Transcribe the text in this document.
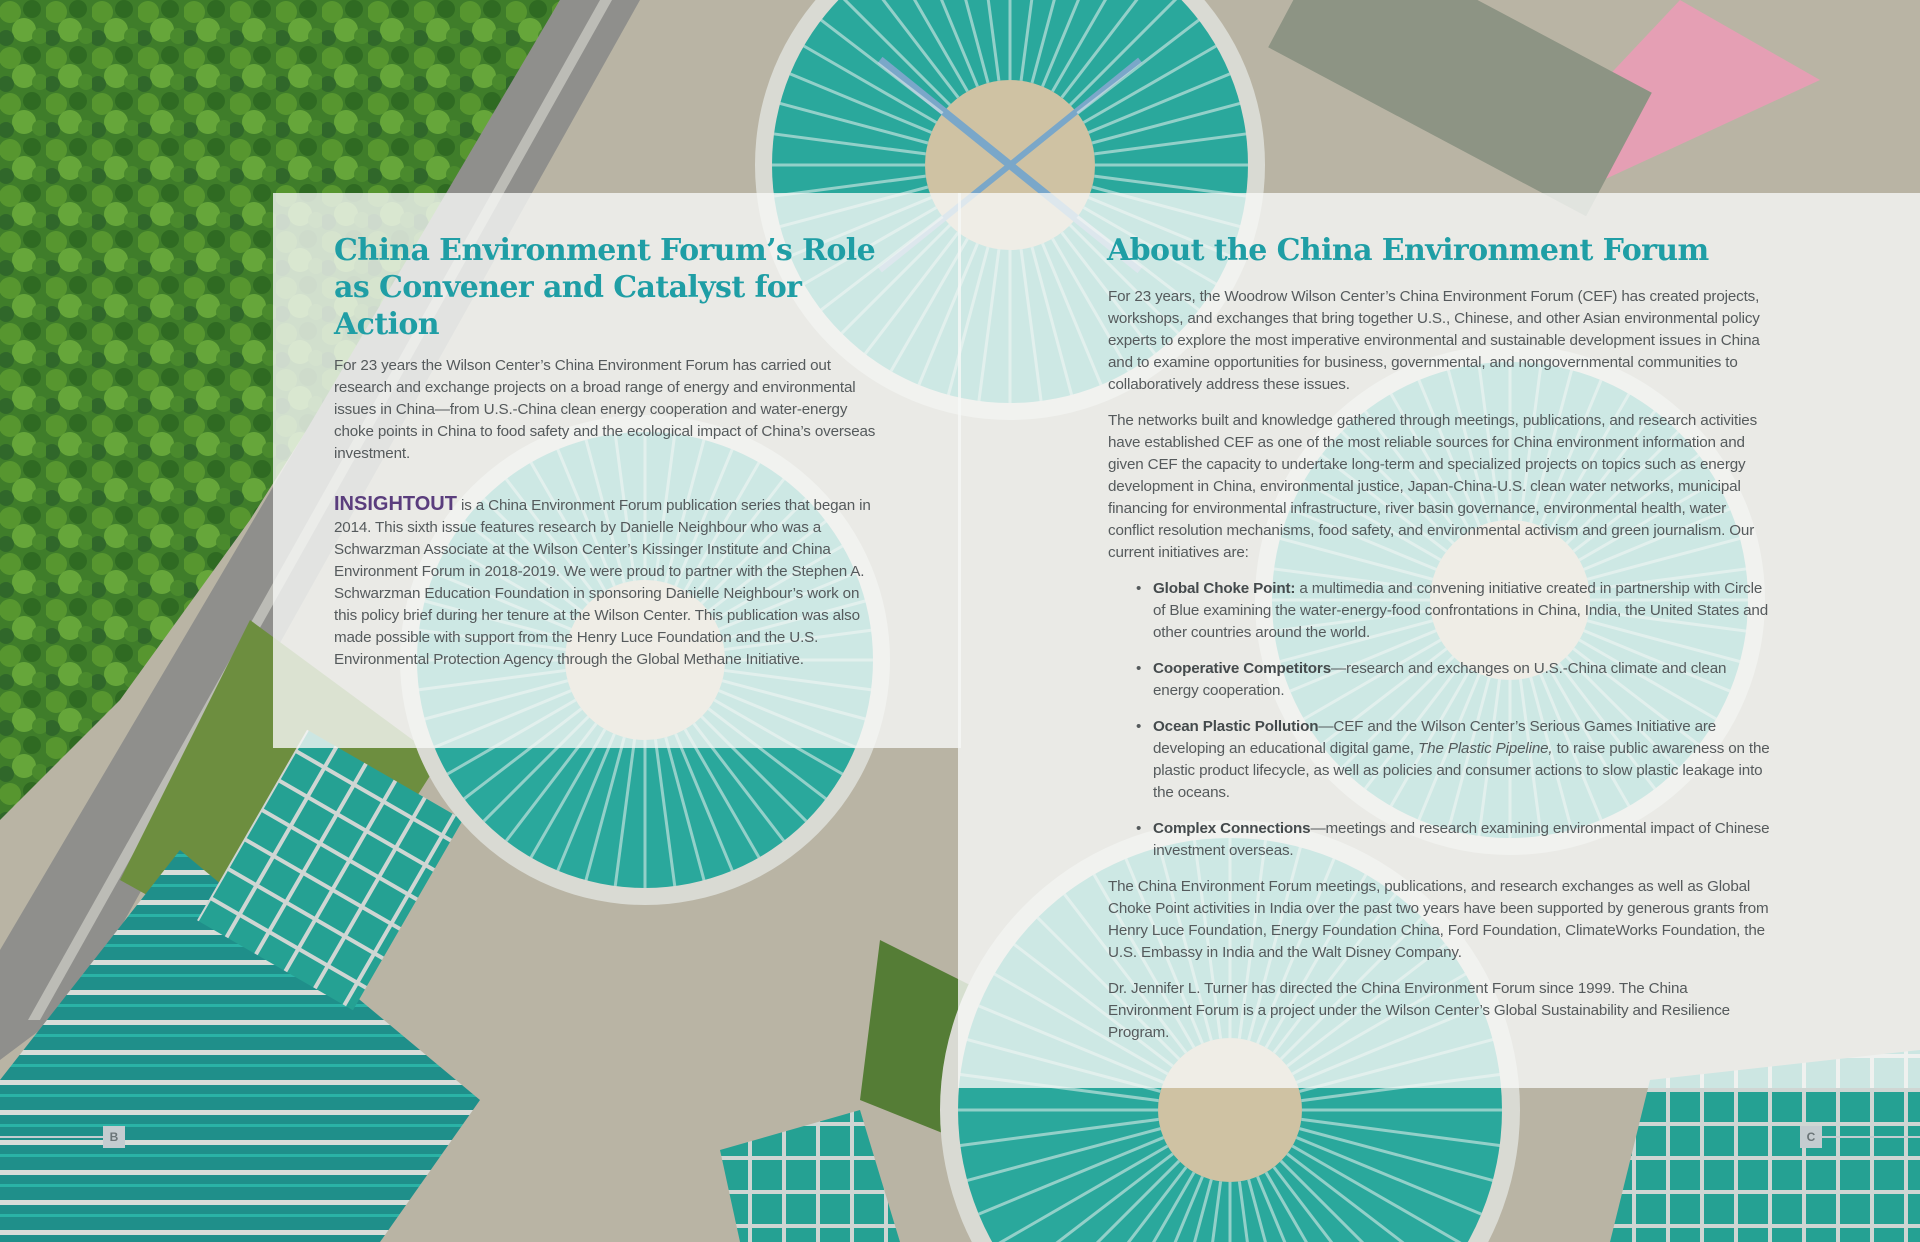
China Environment Forum’s Role as Convener and Catalyst for Action

For 23 years the Wilson Center’s China Environment Forum has carried out research and exchange projects on a broad range of energy and environmental issues in China—from U.S.-China clean energy cooperation and water-energy choke points in China to food safety and the ecological impact of China’s overseas investment.

INSIGHTOUT is a China Environment Forum publication series that began in 2014. This sixth issue features research by Danielle Neighbour who was a Schwarzman Associate at the Wilson Center’s Kissinger Institute and China Environment Forum in 2018-2019. We were proud to partner with the Stephen A. Schwarzman Education Foundation in sponsoring Danielle Neighbour’s work on this policy brief during her tenure at the Wilson Center. This publication was also made possible with support from the Henry Luce Foundation and the U.S. Environmental Protection Agency through the Global Methane Initiative.

About the China Environment Forum

For 23 years, the Woodrow Wilson Center’s China Environment Forum (CEF) has created projects, workshops, and exchanges that bring together U.S., Chinese, and other Asian environmental policy experts to explore the most imperative environmental and sustainable development issues in China and to examine opportunities for business, governmental, and nongovernmental communities to collaboratively address these issues.

The networks built and knowledge gathered through meetings, publications, and research activities have established CEF as one of the most reliable sources for China environment information and given CEF the capacity to undertake long-term and specialized projects on topics such as energy development in China, environmental justice, Japan-China-U.S. clean water networks, municipal financing for environmental infrastructure, river basin governance, environmental health, water conflict resolution mechanisms, food safety, and environmental activism and green journalism. Our current initiatives are:

• Global Choke Point: a multimedia and convening initiative created in partnership with Circle of Blue examining the water-energy-food confrontations in China, India, the United States and other countries around the world.
• Cooperative Competitors—research and exchanges on U.S.-China climate and clean energy cooperation.
• Ocean Plastic Pollution—CEF and the Wilson Center’s Serious Games Initiative are developing an educational digital game, The Plastic Pipeline, to raise public awareness on the plastic product lifecycle, as well as policies and consumer actions to slow plastic leakage into the oceans.
• Complex Connections—meetings and research examining environmental impact of Chinese investment overseas.

The China Environment Forum meetings, publications, and research exchanges as well as Global Choke Point activities in India over the past two years have been supported by generous grants from Henry Luce Foundation, Energy Foundation China, Ford Foundation, ClimateWorks Foundation, the U.S. Embassy in India and the Walt Disney Company.

Dr. Jennifer L. Turner has directed the China Environment Forum since 1999. The China Environment Forum is a project under the Wilson Center’s Global Sustainability and Resilience Program.

B	C
